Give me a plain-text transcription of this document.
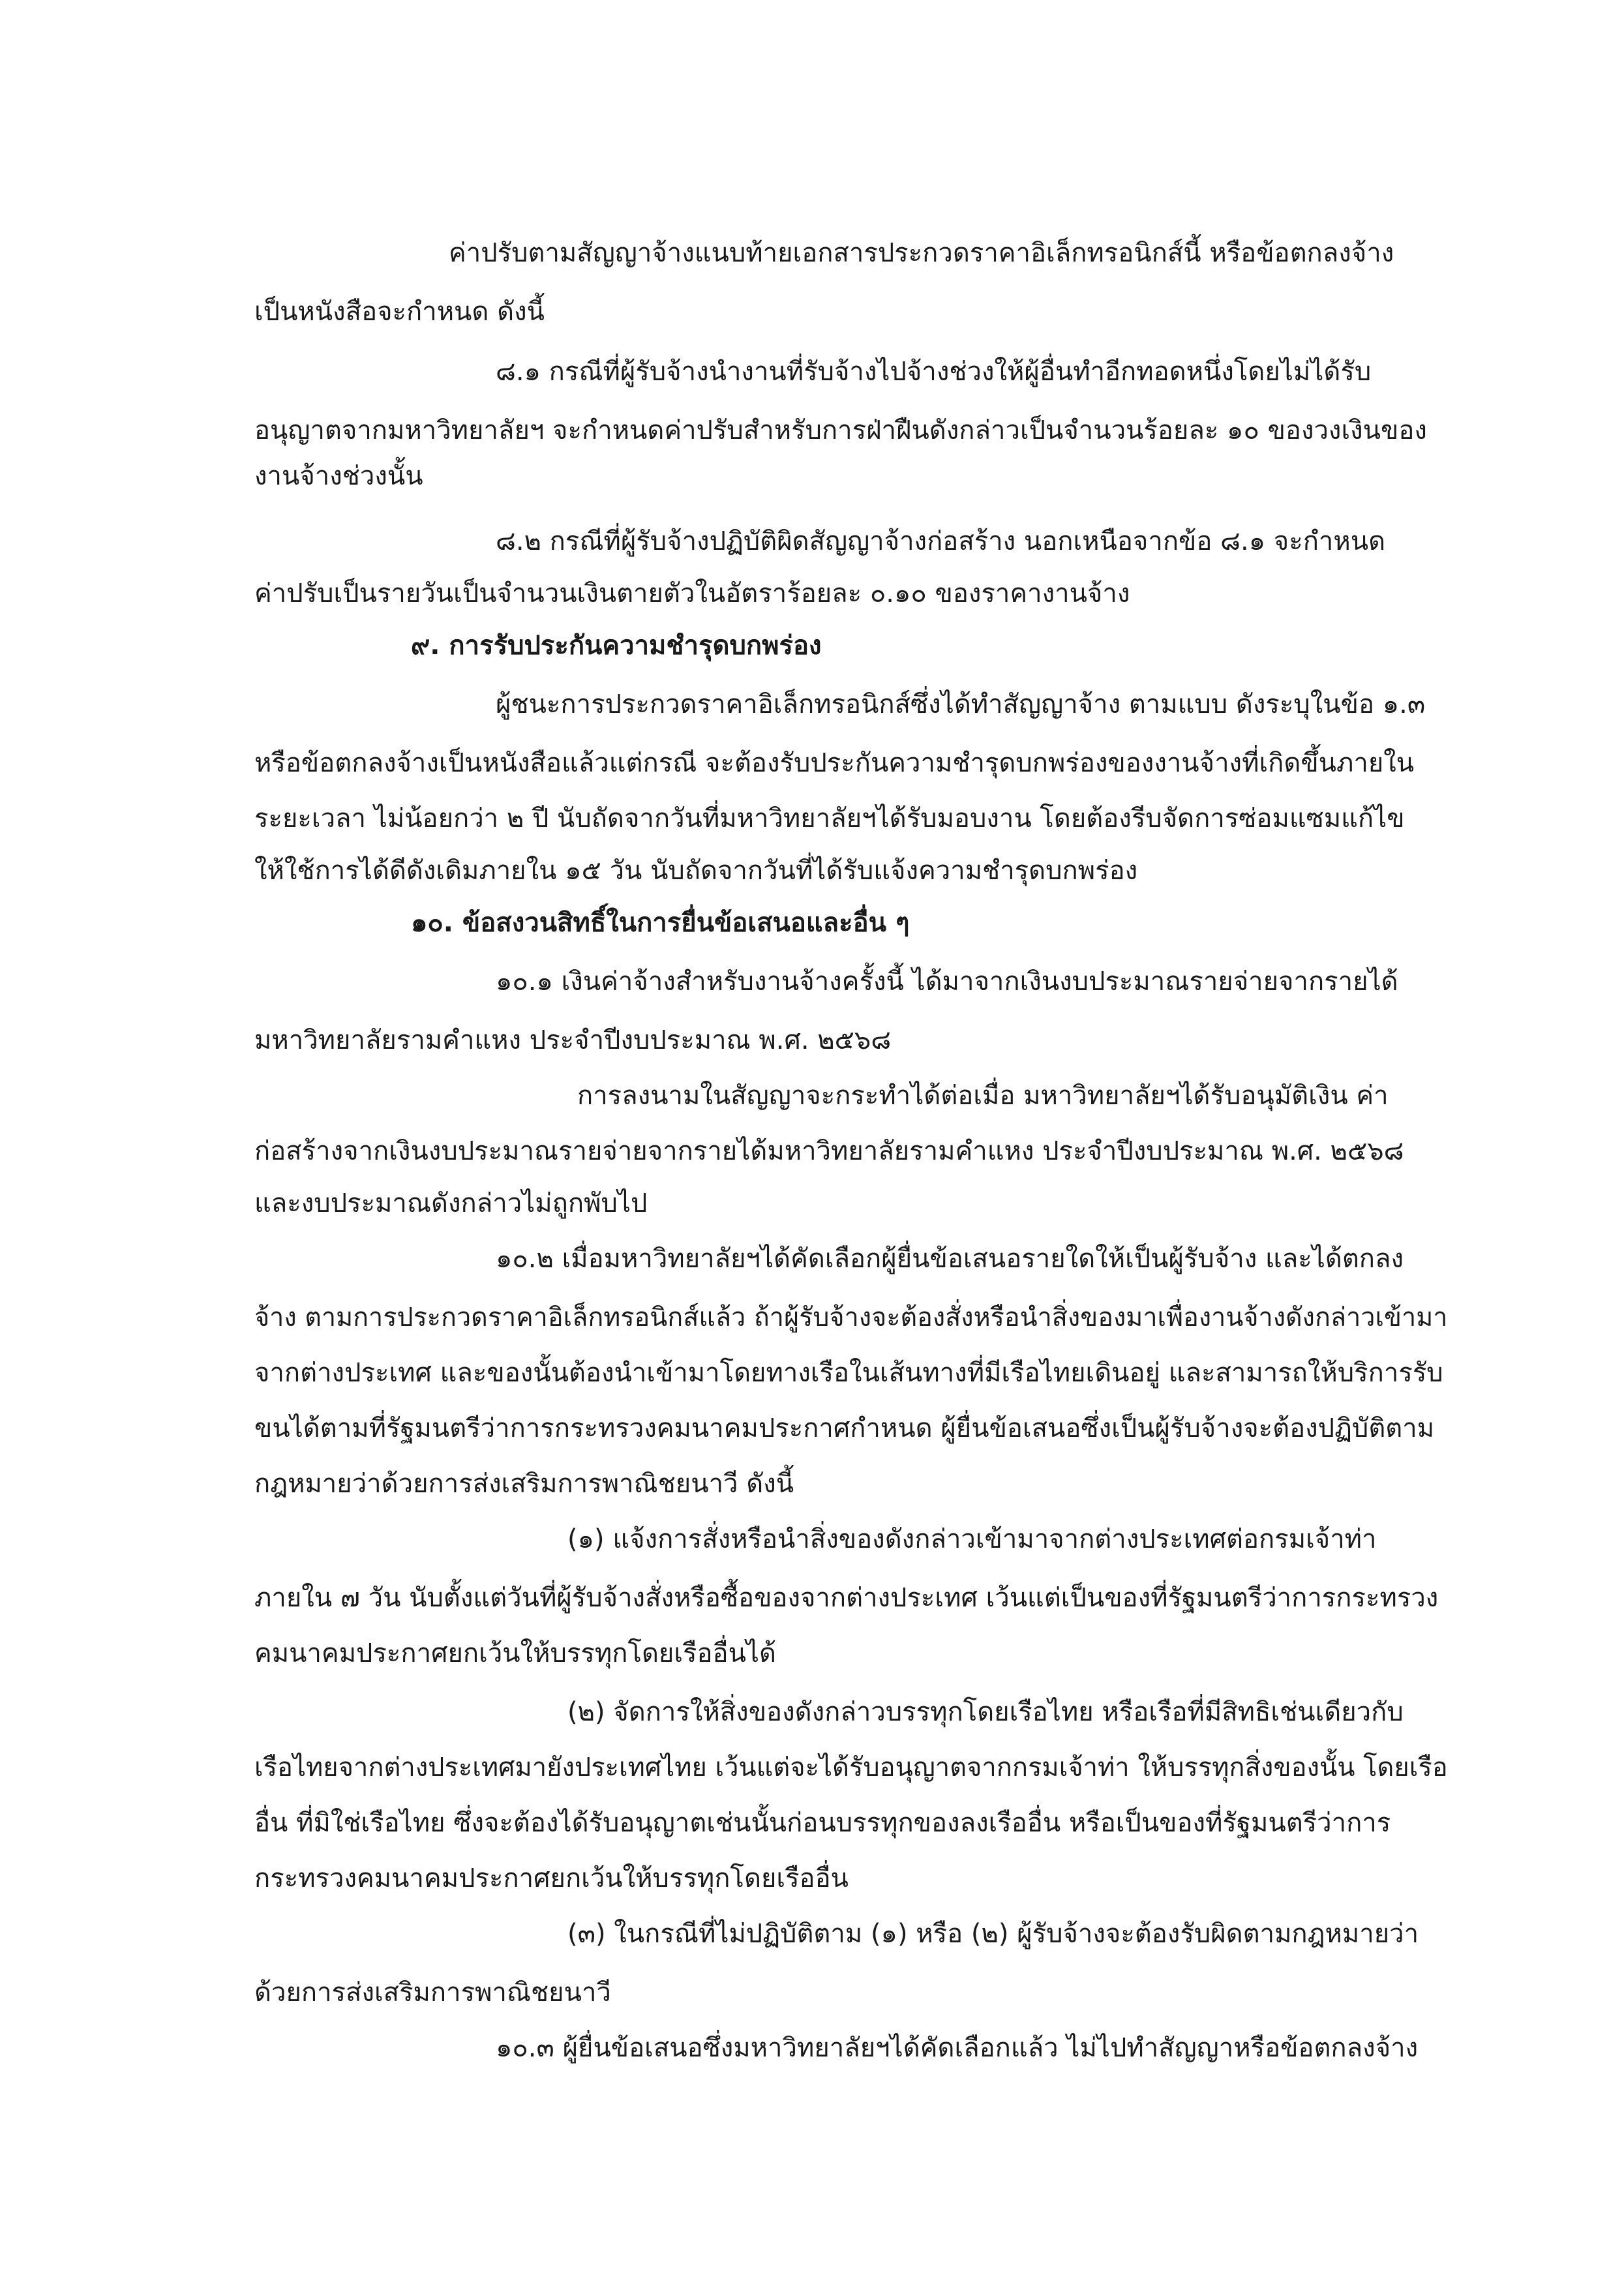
ค่าปรับตามสัญญาจ้างแนบท้ายเอกสารประกวดราคาอิเล็กทรอนิกส์นี้ หรือข้อตกลงจ้าง
เป็นหนังสือจะกำหนด ดังนี้
๘.๑ กรณีที่ผู้รับจ้างนำงานที่รับจ้างไปจ้างช่วงให้ผู้อื่นทำอีกทอดหนึ่งโดยไม่ได้รับ
อนุญาตจากมหาวิทยาลัยฯ จะกำหนดค่าปรับสำหรับการฝ่าฝืนดังกล่าวเป็นจำนวนร้อยละ ๑๐ ของวงเงินของ
งานจ้างช่วงนั้น
๘.๒ กรณีที่ผู้รับจ้างปฏิบัติผิดสัญญาจ้างก่อสร้าง นอกเหนือจากข้อ ๘.๑ จะกำหนด
ค่าปรับเป็นรายวันเป็นจำนวนเงินตายตัวในอัตราร้อยละ ๐.๑๐ ของราคางานจ้าง
๙. การรับประกันความชำรุดบกพร่อง
ผู้ชนะการประกวดราคาอิเล็กทรอนิกส์ซึ่งได้ทำสัญญาจ้าง ตามแบบ ดังระบุในข้อ ๑.๓
หรือข้อตกลงจ้างเป็นหนังสือแล้วแต่กรณี จะต้องรับประกันความชำรุดบกพร่องของงานจ้างที่เกิดขึ้นภายใน
ระยะเวลา ไม่น้อยกว่า ๒ ปี นับถัดจากวันที่มหาวิทยาลัยฯได้รับมอบงาน โดยต้องรีบจัดการซ่อมแซมแก้ไข
ให้ใช้การได้ดีดังเดิมภายใน ๑๕ วัน นับถัดจากวันที่ได้รับแจ้งความชำรุดบกพร่อง
๑๐. ข้อสงวนสิทธิ์ในการยื่นข้อเสนอและอื่น ๆ
๑๐.๑ เงินค่าจ้างสำหรับงานจ้างครั้งนี้ ได้มาจากเงินงบประมาณรายจ่ายจากรายได้
มหาวิทยาลัยรามคำแหง ประจำปีงบประมาณ พ.ศ. ๒๕๖๘
การลงนามในสัญญาจะกระทำได้ต่อเมื่อ มหาวิทยาลัยฯได้รับอนุมัติเงิน ค่า
ก่อสร้างจากเงินงบประมาณรายจ่ายจากรายได้มหาวิทยาลัยรามคำแหง ประจำปีงบประมาณ พ.ศ. ๒๕๖๘
และงบประมาณดังกล่าวไม่ถูกพับไป
๑๐.๒ เมื่อมหาวิทยาลัยฯได้คัดเลือกผู้ยื่นข้อเสนอรายใดให้เป็นผู้รับจ้าง และได้ตกลง
จ้าง ตามการประกวดราคาอิเล็กทรอนิกส์แล้ว ถ้าผู้รับจ้างจะต้องสั่งหรือนำสิ่งของมาเพื่องานจ้างดังกล่าวเข้ามา
จากต่างประเทศ และของนั้นต้องนำเข้ามาโดยทางเรือในเส้นทางที่มีเรือไทยเดินอยู่ และสามารถให้บริการรับ
ขนได้ตามที่รัฐมนตรีว่าการกระทรวงคมนาคมประกาศกำหนด ผู้ยื่นข้อเสนอซึ่งเป็นผู้รับจ้างจะต้องปฏิบัติตาม
กฎหมายว่าด้วยการส่งเสริมการพาณิชยนาวี ดังนี้
(๑) แจ้งการสั่งหรือนำสิ่งของดังกล่าวเข้ามาจากต่างประเทศต่อกรมเจ้าท่า
ภายใน ๗ วัน นับตั้งแต่วันที่ผู้รับจ้างสั่งหรือซื้อของจากต่างประเทศ เว้นแต่เป็นของที่รัฐมนตรีว่าการกระทรวง
คมนาคมประกาศยกเว้นให้บรรทุกโดยเรืออื่นได้
(๒) จัดการให้สิ่งของดังกล่าวบรรทุกโดยเรือไทย หรือเรือที่มีสิทธิเช่นเดียวกับ
เรือไทยจากต่างประเทศมายังประเทศไทย เว้นแต่จะได้รับอนุญาตจากกรมเจ้าท่า ให้บรรทุกสิ่งของนั้น โดยเรือ
อื่น ที่มิใช่เรือไทย ซึ่งจะต้องได้รับอนุญาตเช่นนั้นก่อนบรรทุกของลงเรืออื่น หรือเป็นของที่รัฐมนตรีว่าการ
กระทรวงคมนาคมประกาศยกเว้นให้บรรทุกโดยเรืออื่น
(๓) ในกรณีที่ไม่ปฏิบัติตาม (๑) หรือ (๒) ผู้รับจ้างจะต้องรับผิดตามกฎหมายว่า
ด้วยการส่งเสริมการพาณิชยนาวี
๑๐.๓ ผู้ยื่นข้อเสนอซึ่งมหาวิทยาลัยฯได้คัดเลือกแล้ว ไม่ไปทำสัญญาหรือข้อตกลงจ้าง
